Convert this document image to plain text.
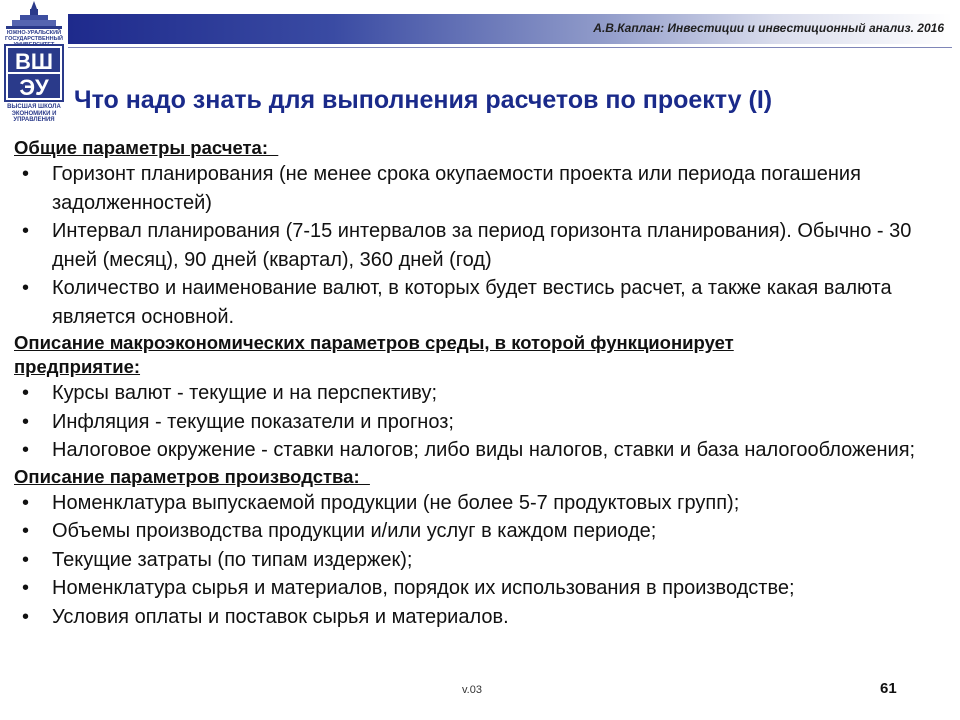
А.В.Каплан: Инвестиции и инвестиционный анализ. 2016
ЮЖНО-УРАЛЬСКИЙ ГОСУДАРСТВЕННЫЙ
ВШ
ЭУ
ВЫСШАЯ ШКОЛА ЭКОНОМИКИ И УПРАВЛЕНИЯ
Что надо знать для выполнения расчетов по проекту (I)
Общие параметры расчета:
• Горизонт планирования (не менее срока окупаемости проекта или периода погашения задолженностей)
• Интервал планирования (7-15 интервалов за период горизонта планирования). Обычно - 30 дней (месяц), 90 дней (квартал), 360 дней (год)
• Количество и наименование валют, в которых будет вестись расчет, а также какая валюта является основной.
Описание макроэкономических параметров среды, в которой функционирует предприятие:
• Курсы валют - текущие и на перспективу;
• Инфляция - текущие показатели и прогноз;
• Налоговое окружение - ставки налогов; либо виды налогов, ставки и база налогообложения;
Описание параметров производства:
• Номенклатура выпускаемой продукции (не более 5-7 продуктовых групп);
• Объемы производства продукции и/или услуг в каждом периоде;
• Текущие затраты (по типам издержек);
• Номенклатура сырья и материалов, порядок их использования в производстве;
• Условия оплаты и поставок сырья и материалов.
v.03	61
